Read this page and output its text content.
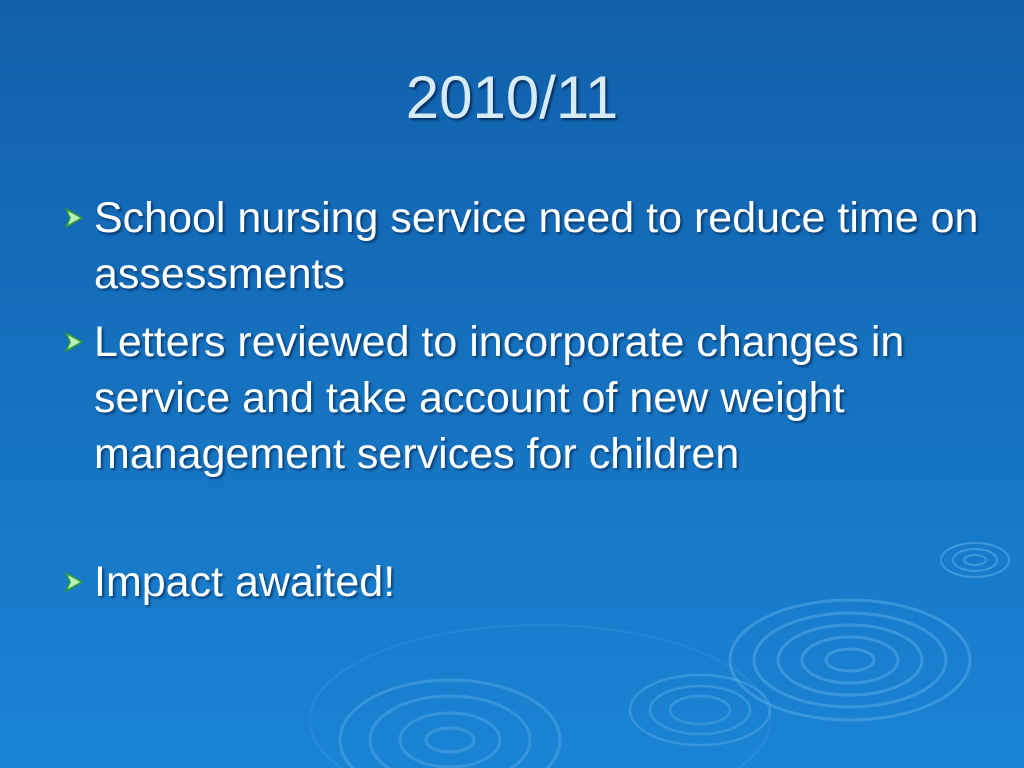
2010/11
School nursing service need to reduce time on assessments
Letters reviewed to incorporate changes in service and take account of new weight management services for children
Impact awaited!
